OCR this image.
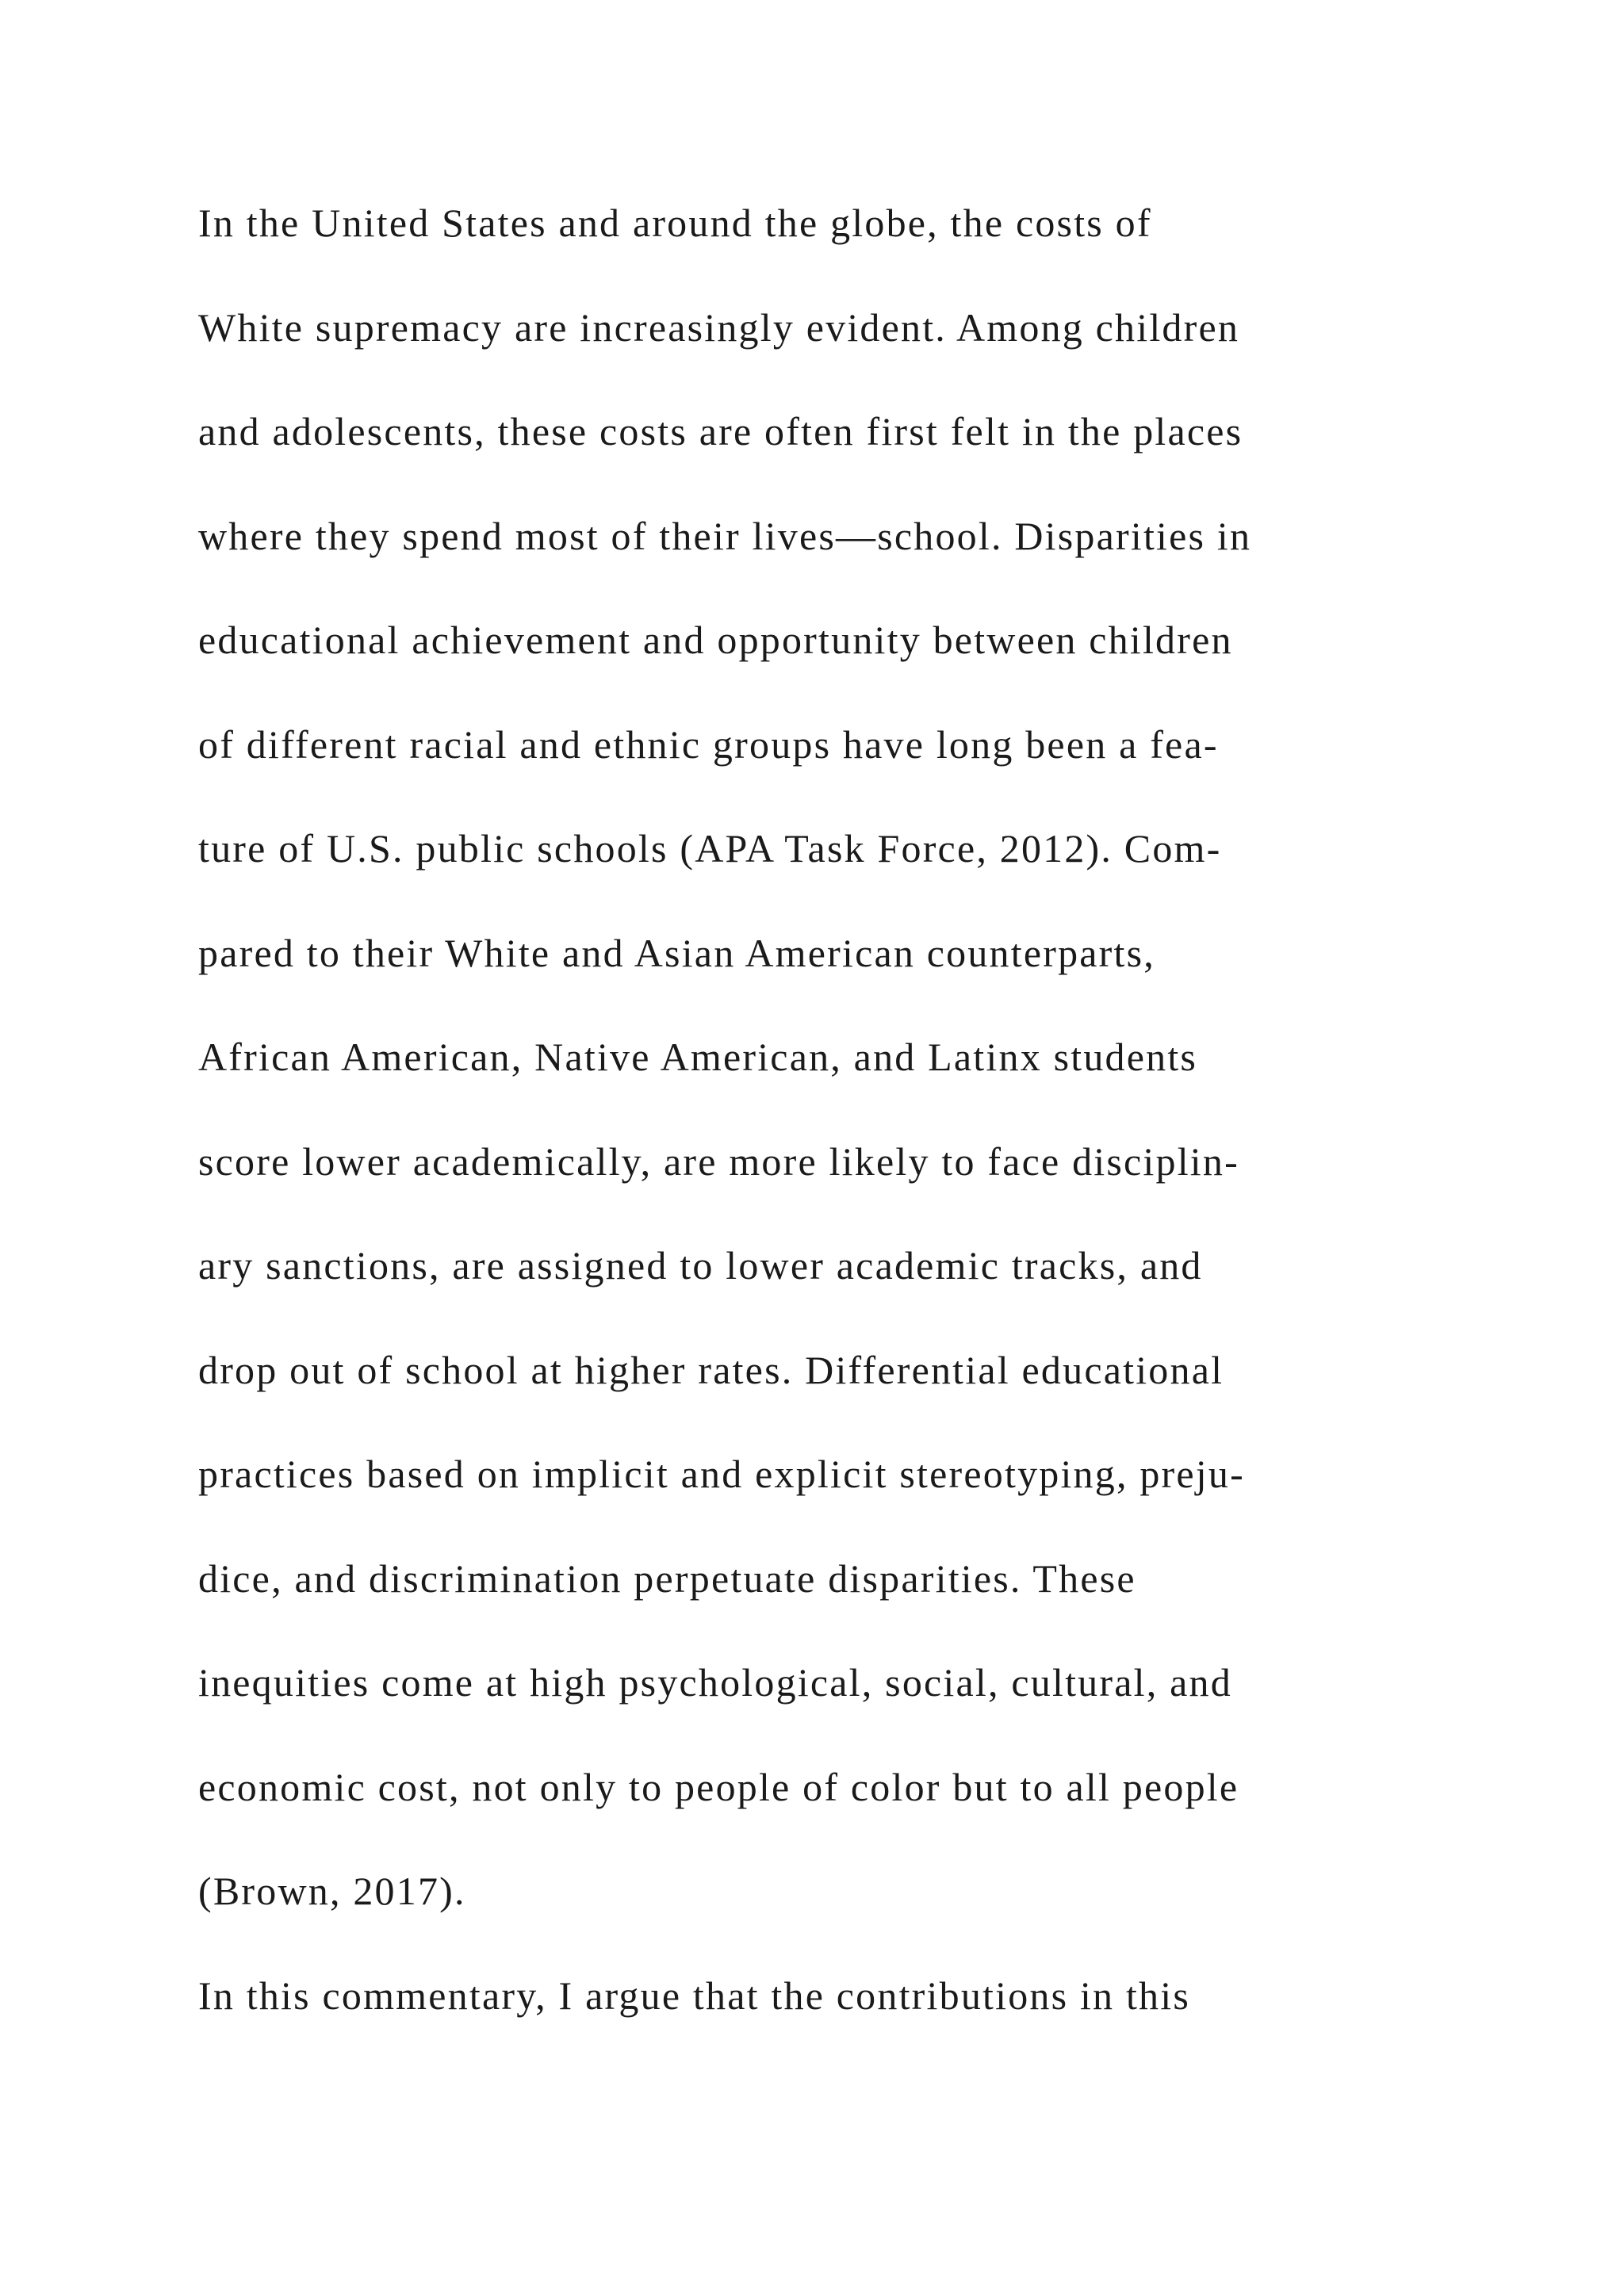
In the United States and around the globe, the costs of
White supremacy are increasingly evident. Among children
and adolescents, these costs are often first felt in the places
where they spend most of their lives—school. Disparities in
educational achievement and opportunity between children
of different racial and ethnic groups have long been a fea-
ture of U.S. public schools (APA Task Force, 2012). Com-
pared to their White and Asian American counterparts,
African American, Native American, and Latinx students
score lower academically, are more likely to face disciplin-
ary sanctions, are assigned to lower academic tracks, and
drop out of school at higher rates. Differential educational
practices based on implicit and explicit stereotyping, preju-
dice, and discrimination perpetuate disparities. These
inequities come at high psychological, social, cultural, and
economic cost, not only to people of color but to all people
(Brown, 2017).
In this commentary, I argue that the contributions in this
